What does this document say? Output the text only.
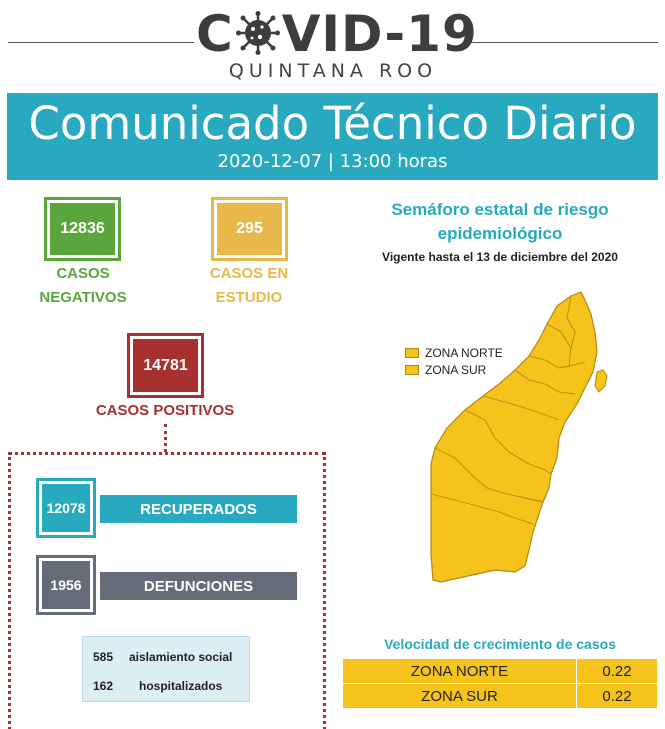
C VID-19
QUINTANA ROO
Comunicado Técnico Diario
2020-12-07 | 13:00 horas
12836
CASOS
NEGATIVOS
295
CASOS EN
ESTUDIO
14781
CASOS POSITIVOS
RECUPERADOS
12078
DEFUNCIONES
1956
585 aislamiento social
162 hospitalizados
Semáforo estatal de riesgo
epidemiológico
Vigente hasta el 13 de diciembre del 2020
ZONA NORTE
ZONA SUR
Velocidad de crecimiento de casos
ZONA NORTE	0.22
ZONA SUR	0.22
